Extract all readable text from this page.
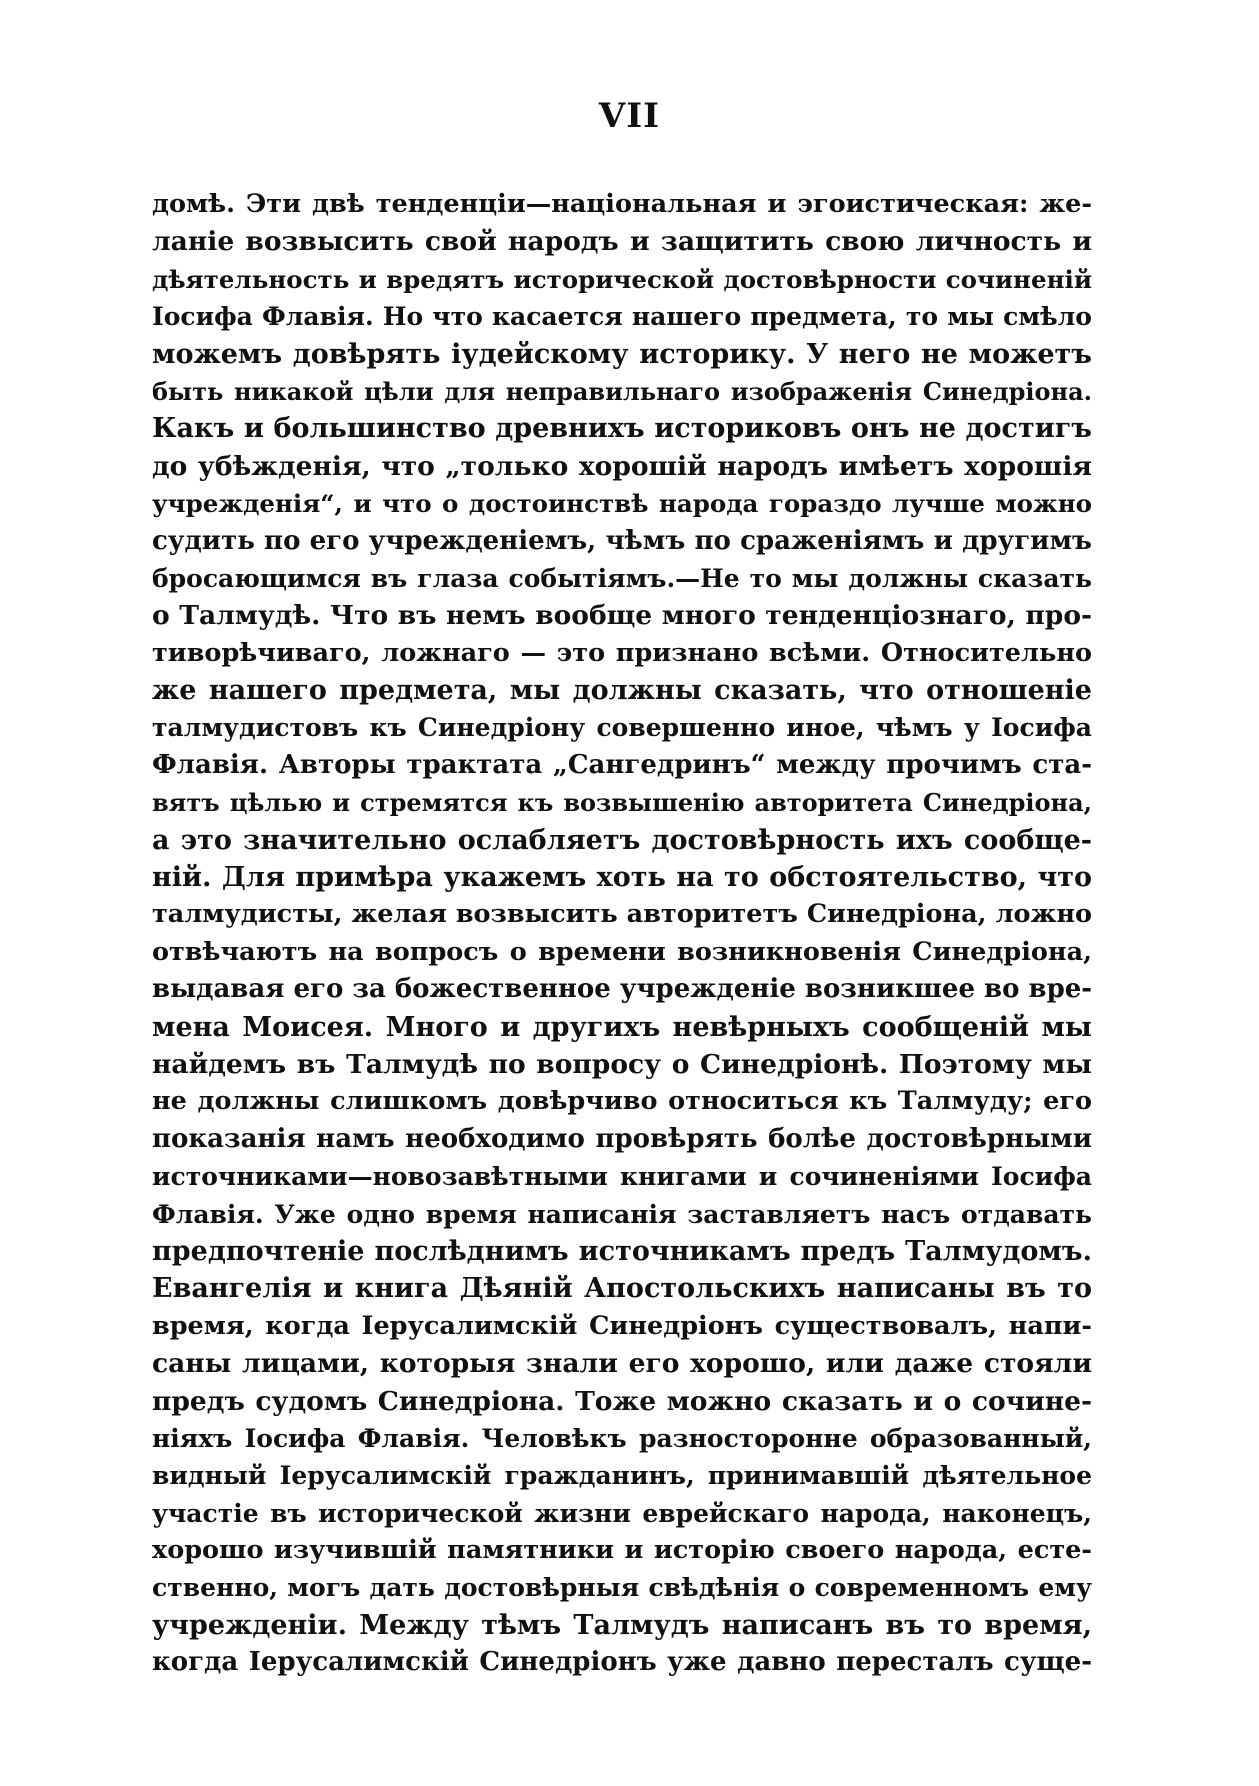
VII
домѣ. Эти двѣ тенденціи—національная и эгоистическая: же-
ланіе возвысить свой народъ и защитить свою личность и
дѣятельность и вредятъ исторической достовѣрности сочиненій
Іосифа Флавія. Но что касается нашего предмета, то мы смѣло
можемъ довѣрять іудейскому историку. У него не можетъ
быть никакой цѣли для неправильнаго изображенія Синедріона.
Какъ и большинство древнихъ историковъ онъ не достигъ
до убѣжденія, что „только хорошій народъ имѣетъ хорошія
учрежденія“, и что о достоинствѣ народа гораздо лучше можно
судить по его учрежденіемъ, чѣмъ по сраженіямъ и другимъ
бросающимся въ глаза событіямъ.—Не то мы должны сказать
о Талмудѣ. Что въ немъ вообще много тенденціознаго, про-
тиворѣчиваго, ложнаго — это признано всѣми. Относительно
же нашего предмета, мы должны сказать, что отношеніе
талмудистовъ къ Синедріону совершенно иное, чѣмъ у Іосифа
Флавія. Авторы трактата „Сангедринъ“ между прочимъ ста-
вятъ цѣлью и стремятся къ возвышенію авторитета Синедріона,
а это значительно ослабляетъ достовѣрность ихъ сообще-
ній. Для примѣра укажемъ хоть на то обстоятельство, что
талмудисты, желая возвысить авторитетъ Синедріона, ложно
отвѣчаютъ на вопросъ о времени возникновенія Синедріона,
выдавая его за божественное учрежденіе возникшее во вре-
мена Моисея. Много и другихъ невѣрныхъ сообщеній мы
найдемъ въ Талмудѣ по вопросу о Синедріонѣ. Поэтому мы
не должны слишкомъ довѣрчиво относиться къ Талмуду; его
показанія намъ необходимо провѣрять болѣе достовѣрными
источниками—новозавѣтными книгами и сочиненіями Іосифа
Флавія. Уже одно время написанія заставляетъ насъ отдавать
предпочтеніе послѣднимъ источникамъ предъ Талмудомъ.
Евангелія и книга Дѣяній Апостольскихъ написаны въ то
время, когда Іерусалимскій Синедріонъ существовалъ, напи-
саны лицами, которыя знали его хорошо, или даже стояли
предъ судомъ Синедріона. Тоже можно сказать и о сочине-
ніяхъ Іосифа Флавія. Человѣкъ разносторонне образованный,
видный Іерусалимскій гражданинъ, принимавшій дѣятельное
участіе въ исторической жизни еврейскаго народа, наконецъ,
хорошо изучившій памятники и исторію своего народа, есте-
ственно, могъ дать достовѣрныя свѣдѣнія о современномъ ему
учрежденіи. Между тѣмъ Талмудъ написанъ въ то время,
когда Іерусалимскій Синедріонъ уже давно пересталъ суще-
